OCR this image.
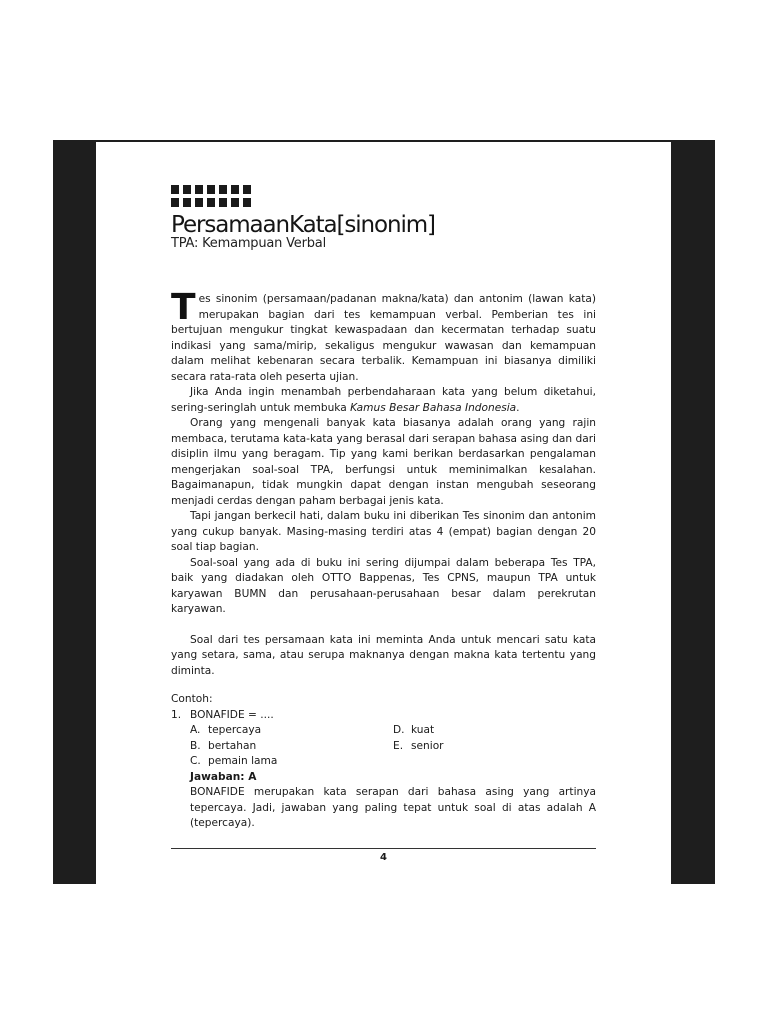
PersamaanKata[sinonim]
TPA: Kemampuan Verbal

Tes sinonim (persamaan/padanan makna/kata) dan antonim (lawan kata) merupakan bagian dari tes kemampuan verbal. Pemberian tes ini bertujuan mengukur tingkat kewaspadaan dan kecermatan terhadap suatu indikasi yang sama/mirip, sekaligus mengukur wawasan dan kemampuan dalam melihat kebenaran secara terbalik. Kemampuan ini biasanya dimiliki secara rata-rata oleh peserta ujian.

Jika Anda ingin menambah perbendaharaan kata yang belum diketahui, sering-seringlah untuk membuka Kamus Besar Bahasa Indonesia.

Orang yang mengenali banyak kata biasanya adalah orang yang rajin membaca, terutama kata-kata yang berasal dari serapan bahasa asing dan dari disiplin ilmu yang beragam. Tip yang kami berikan berdasarkan pengalaman mengerjakan soal-soal TPA, berfungsi untuk meminimalkan kesalahan. Bagaimanapun, tidak mungkin dapat dengan instan mengubah seseorang menjadi cerdas dengan paham berbagai jenis kata.

Tapi jangan berkecil hati, dalam buku ini diberikan Tes sinonim dan antonim yang cukup banyak. Masing-masing terdiri atas 4 (empat) bagian dengan 20 soal tiap bagian.

Soal-soal yang ada di buku ini sering dijumpai dalam beberapa Tes TPA, baik yang diadakan oleh OTTO Bappenas, Tes CPNS, maupun TPA untuk karyawan BUMN dan perusahaan-perusahaan besar dalam perekrutan karyawan.

Soal dari tes persamaan kata ini meminta Anda untuk mencari satu kata yang setara, sama, atau serupa maknanya dengan makna kata tertentu yang diminta.

Contoh:
1. BONAFIDE = ....
A. tepercaya	D. kuat
B. bertahan	E. senior
C. pemain lama
Jawaban: A
BONAFIDE merupakan kata serapan dari bahasa asing yang artinya tepercaya. Jadi, jawaban yang paling tepat untuk soal di atas adalah A (tepercaya).
4
